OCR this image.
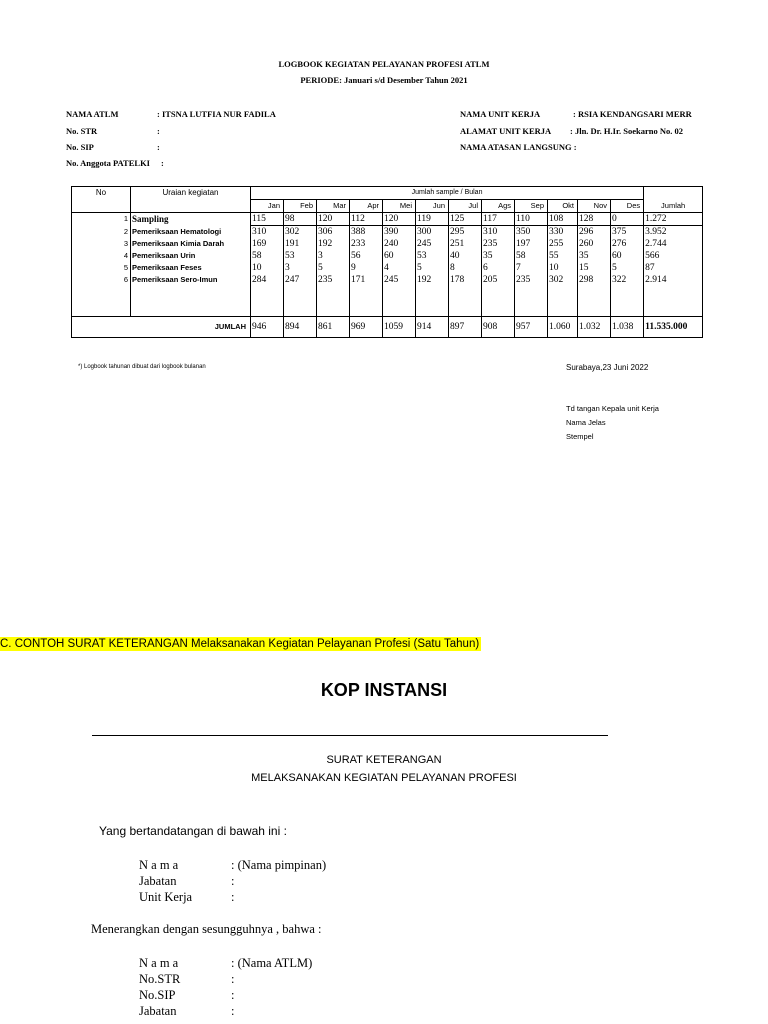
LOGBOOK KEGIATAN PELAYANAN PROFESI ATLM
PERIODE: Januari s/d Desember Tahun 2021
NAMA ATLM	: ITSNA LUTFIA NUR FADILA
No. STR	:
No. SIP	:
No. Anggota PATELKI :
NAMA UNIT KERJA	: RSIA KENDANGSARI MERR
ALAMAT UNIT KERJA : Jln. Dr. H.Ir. Soekarno No. 02
NAMA ATASAN LANGSUNG :
No	Uraian kegiatan	Jumlah sample / Bulan												
		Jan	Feb	Mar	Apr	Mei	Jun	Jul	Ags	Sep	Okt	Nov	Des	Jumlah
1	Sampling	115	98	120	112	120	119	125	117	110	108	128	0	1.272
2	Pemeriksaan Hematologi	310	302	306	388	390	300	295	310	350	330	296	375	3.952
3	Pemeriksaan Kimia Darah	169	191	192	233	240	245	251	235	197	255	260	276	2.744
4	Pemeriksaan Urin	58	53	3	56	60	53	40	35	58	55	35	60	566
5	Pemeriksaan Feses	10	3	5	9	4	5	8	6	7	10	15	5	87
6	Pemeriksaan Sero-Imun	284	247	235	171	245	192	178	205	235	302	298	322	2.914

	JUMLAH	946	894	861	969	1059	914	897	908	957	1.060	1.032	1.038	11.535.000
*) Logbook tahunan dibuat dari logbook bulanan	Surabaya,23 Juni 2022
Td tangan Kepala unit Kerja
Nama Jelas
Stempel
C. CONTOH SURAT KETERANGAN Melaksanakan Kegiatan Pelayanan Profesi (Satu Tahun)
KOP INSTANSI
SURAT KETERANGAN
MELAKSANAKAN KEGIATAN PELAYANAN PROFESI
Yang bertandatangan di bawah ini :
N a m a	: (Nama pimpinan)
Jabatan	:
Unit Kerja	:
Menerangkan dengan sesungguhnya , bahwa :
N a m a	: (Nama ATLM)
No.STR	:
No.SIP	:
Jabatan	:
